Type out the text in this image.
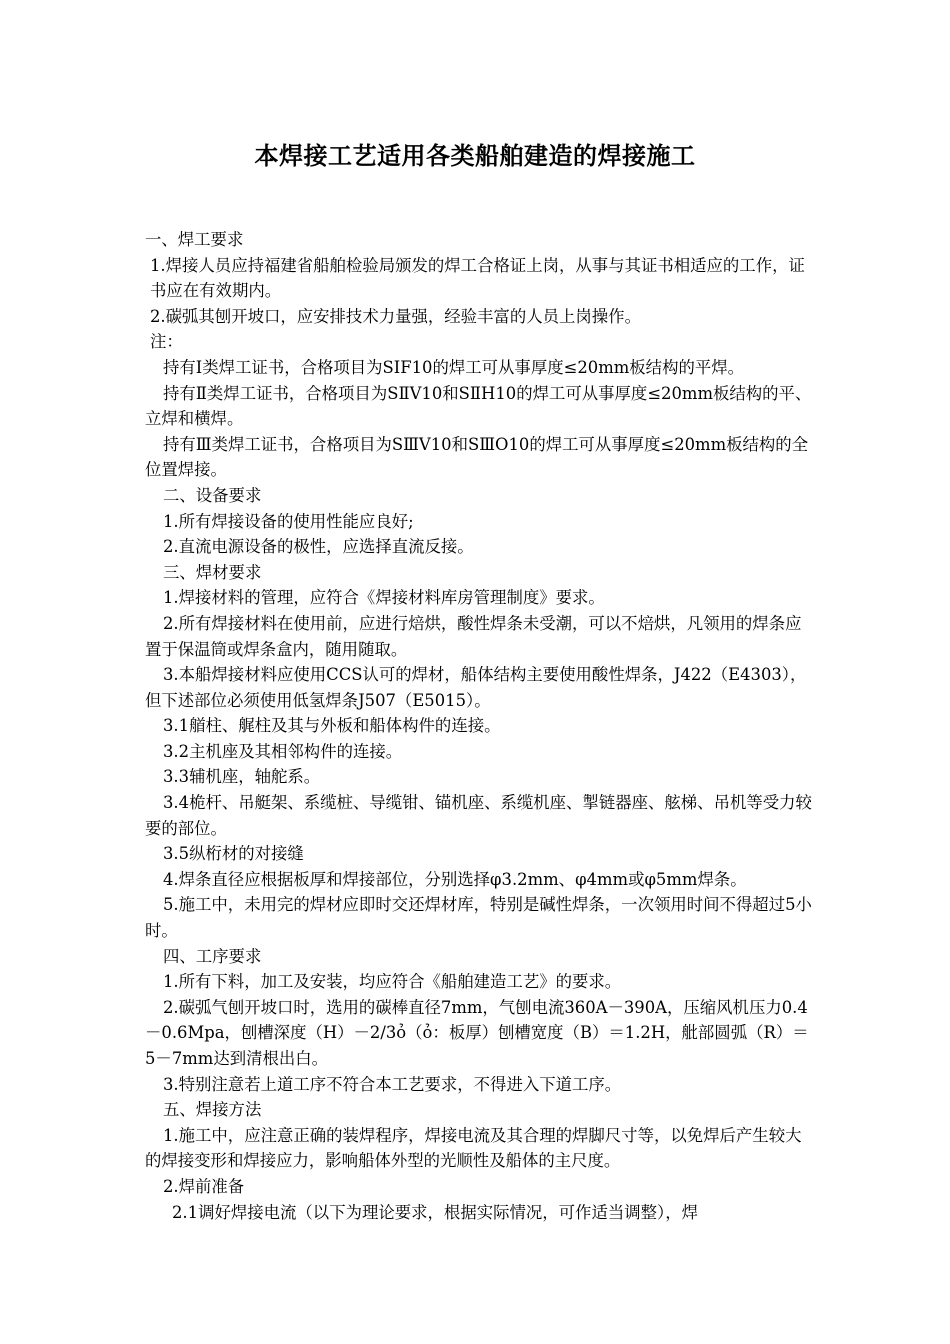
本焊接工艺适用各类船舶建造的焊接施工

一、焊工要求

1.焊接人员应持福建省船舶检验局颁发的焊工合格证上岗，从事与其证书相适应的工作，证书应在有效期内。

2.碳弧其刨开坡口，应安排技术力量强，经验丰富的人员上岗操作。

注：

持有Ⅰ类焊工证书，合格项目为SⅠF10的焊工可从事厚度≤20mm板结构的平焊。

持有Ⅱ类焊工证书，合格项目为SⅡV10和SⅡH10的焊工可从事厚度≤20mm板结构的平、立焊和横焊。

持有Ⅲ类焊工证书，合格项目为SⅢV10和SⅢO10的焊工可从事厚度≤20mm板结构的全位置焊接。

二、设备要求

1.所有焊接设备的使用性能应良好;

2.直流电源设备的极性，应选择直流反接。

三、焊材要求

1.焊接材料的管理，应符合《焊接材料库房管理制度》要求。

2.所有焊接材料在使用前，应进行焙烘，酸性焊条未受潮，可以不焙烘，凡领用的焊条应置于保温筒或焊条盒内，随用随取。

3.本船焊接材料应使用CCS认可的焊材，船体结构主要使用酸性焊条，J422（E4303），但下述部位必须使用低氢焊条J507（E5015）。

3.1艏柱、艉柱及其与外板和船体构件的连接。

3.2主机座及其相邻构件的连接。

3.3辅机座，轴舵系。

3.4桅杆、吊艇架、系缆桩、导缆钳、锚机座、系缆机座、掣链器座、舷梯、吊机等受力较要的部位。

3.5纵桁材的对接缝

4.焊条直径应根据板厚和焊接部位，分别选择φ3.2mm、φ4mm或φ5mm焊条。

5.施工中，未用完的焊材应即时交还焊材库，特别是碱性焊条，一次领用时间不得超过5小时。

四、工序要求

1.所有下料，加工及安装，均应符合《船舶建造工艺》的要求。

2.碳弧气刨开坡口时，选用的碳棒直径7mm，气刨电流360A－390A，压缩风机压力0.4－0.6Mpa，刨槽深度（H）－2/3ỏ（ỏ：板厚）刨槽宽度（B）＝1.2H，舭部圆弧（R）＝5－7mm达到清根出白。

3.特别注意若上道工序不符合本工艺要求，不得进入下道工序。

五、焊接方法

1.施工中，应注意正确的装焊程序，焊接电流及其合理的焊脚尺寸等，以免焊后产生较大的焊接变形和焊接应力，影响船体外型的光顺性及船体的主尺度。

2.焊前准备

2.1调好焊接电流（以下为理论要求，根据实际情况，可作适当调整），焊
